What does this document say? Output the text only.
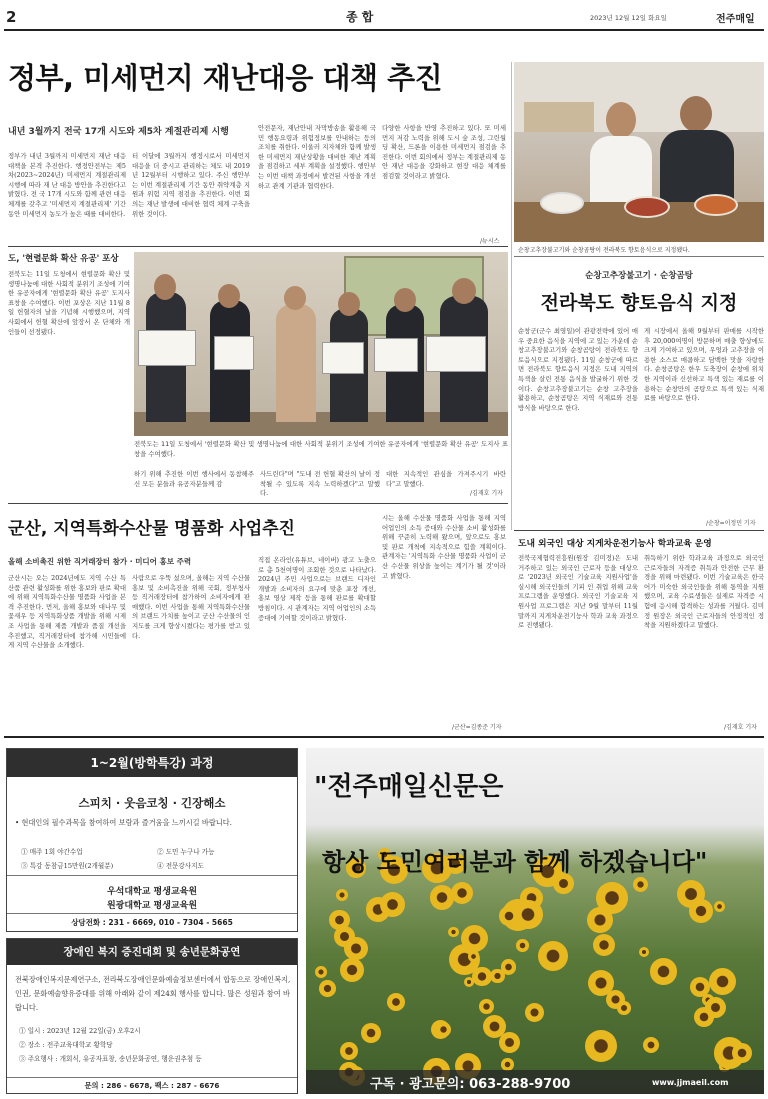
2	종 합	2023년 12월 12일 화요일	전주매일
정부, 미세먼지 재난대응 대책 추진
내년 3월까지 전국 17개 시도와 제5차 계절관리제 시행
정부가 내년 3월까지 미세먼지 재난 대응 대책을 본격 추진한다. 행정안전부는 제5차(2023∼2024년) 미세먼지 계절관리제 시행에 따라 재 난 대응 방안을 추진한다고 밝혔다. 전 국 17개 시도와 함께 관련 대응 체계를 갖추고 '미세먼지 계절관리제' 기간 동안 미세먼지 농도가 높은 때를 대비한다.
터 이달에 3월까지 행정시로서 미세먼지 대응을 더 중시고 관리하는 체도 내 2019년 12월부터 시행하고 있다. 주신 행안부는 이번 계절관리제 기간 동안 취약계층 지원과 위험 지역 점검을 추진한다. 이번 회의는 재난 발생에 대비한 협력 체계 구축을 위한 것이다.
안전문자, 재난안내 자막방송을 활용해 국민 행동요령과 위험정보를 안내하는 등의 조치를 취한다. 이울러 지자체와 함께 발생한 미세먼지 재난상황을 대비한 재난 계획을 점검하고 세부 계획을 설정했다. 행안부는 이번 대책 과정에서 발견된 사항을 개선하고 관계 기관과 협력한다.
다양한 사항을 반영 추진하고 있다. 또 미세먼지 저감 노력을 위해 도시 숲 조성, 그린월딩 확산, 드론을 이용한 미세먼지 점검을 추진한다. 이번 회의에서 정부는 계절관리제 동안 재난 대응을 강화하고 현장 대응 체계를 점검할 것이라고 밝혔다.
/뉴시스
순창고추장불고기와 순창곰탕이 전라북도 향토음식으로 지정됐다.
순창고추장불고기 · 순창곰탕
전라북도 향토음식 지정
순창군(군수 최영일)이 관광전략에 있어 매우 중요한 음식을 지역에 고 있는 가운데 순창고추장불고기와 순창곰탕이 전라북도 향토음식으로 지정됐다. 11일 순창군에 따르면 전라북도 향토음식 지정은 도내 지역의 특색을 살린 전통 음식을 발굴하기 위한 것이다. 순창고추장불고기는 순창 고추장을 활용하고, 순창곰탕은 지역 식재료와 전통 방식을 바탕으로 한다.
게 시장에서 올해 9월부터 판매를 시작한 후 20,000여명이 방문하며 매출 향상에도 크게 기여하고 있으며, 우엉과 고추장을 이용한 소스로 매콤하고 담백한 맛을 자랑한다. 순창곰탕은 한우 도축장이 순창에 위치한 지역이라 신선하고 특색 있는 재료를 이용하는 순창만의 곰탕으로 특색 있는 식재료를 바탕으로 한다.
/순창=이정민 기자
도, '현렬문화 확산 유공' 포상
전북도는 11일 도청에서 현렬문화 확산 및 생명나눔에 대한 사회적 분위기 조성에 기여한 유공자에게 '현렬문화 확산 유공' 도지사 표창을 수여했다. 이번 포상은 지난 11월 8일 헌혈자의 날을 기념해 시행했으며, 지역 사회에서 헌혈 확산에 앞장서 온 단체와 개인들이 선정됐다.
전북도는 11일 도청에서 '현렬문화 확산 및 생명나눔에 대한 사회적 분위기 조성에 기여한 유공자에게 '현렬문화 확산 유공' 도지사 표창을 수여했다.
하기 위해 추진한 이번 행사에서 동참해주신 모든 분들과 유공자분들께 감
사드린다"며 "도내 전 헌혈 확산의 날이 정착될 수 있도록 지속 노력하겠다"고 말했다.
대한 지속적인 관심을 가져주시기 바란다"고 말했다.
/김재호 기자
군산, 지역특화수산물 명품화 사업추진
올해 소비촉진 위한 직거래장터 참가 · 미디어 홍보 주력
군산시는 오는 2024년에도 지역 수산 특산품 관련 활성화를 위한 홍보와 판로 확대에 위해 지역특화수산물 명품화 사업을 본격 추진한다. 먼저, 올해 홍보와 대나무 및 꽃새우 등 지역특화상품 개발을 위해 시제조 사업을 통해 제품 개발과 품질 개선을 추진했고, 직거래장터에 참가해 시민들에게 지역 수산물을 소개했다.
사람으로 우뚝 섰으며, 올해는 지역 수산물 홍보 및 소비촉진을 위해 국회, 정부청사 등 직거래장터에 참가하여 소비자에게 판매했다. 이번 사업을 통해 지역특화수산물의 브랜드 가치를 높이고 군산 수산물의 인지도를 크게 향상시켰다는 평가를 받고 있다.
직접 온라인(유튜브, 네이버) 광고 노출으로 총 5천여명이 조회한 것으로 나타났다. 2024년 주민 사업으로는 브랜드 디자인 개발과 소비자의 요구에 맞춘 포장 개선, 홍보 영상 제작 등을 통해 판로를 확대할 방침이다. 시 관계자는 지역 어업인의 소득 증대에 기여할 것이라고 밝혔다.
시는 올해 수산물 명품화 사업을 통해 지역 어업인의 소득 증대와 수산물 소비 활성화를 위해 꾸준히 노력해 왔으며, 앞으로도 홍보 및 판로 개척에 지속적으로 힘쓸 계획이다. 관계자는 '지역특화 수산물 명품화 사업이 군산 수산물 위상을 높이는 계기가 될 것'이라고 밝혔다.
/군산=김종준 기자
도내 외국인 대상 지게차운전기능사 학과교육 운영
전북국제협력진흥원(원장 김미정)은 도내 거주하고 있는 외국인 근로자 등을 대상으로 '2023년 외국인 기술교육 지원사업'을 실시해 외국인들의 기피 인 취업 위해 교육 프로그램을 운영했다. 외국인 기술교육 지원사업 프로그램은 지난 9월 말부터 11월 말까지 지게차운전기능사 학과 교육 과정으로 진행됐다.
취득하기 위한 학과교육 과정으로 외국인 근로자들의 자격증 취득과 안전한 근무 환경을 위해 마련됐다. 이번 기술교육은 한국어가 미숙한 외국인들을 위해 통역을 지원했으며, 교육 수료생들은 실제로 자격증 시험에 응시해 합격하는 성과를 거뒀다. 김미정 원장은 외국인 근로자들의 안정적인 정착을 지원하겠다고 말했다.
/김재호 기자
1~2월(방학특강) 과정
스피치 · 웃음코칭 · 긴장해소
• 현대인의 필수과목을 참여하여 보람과 즐거움을 느끼시길 바랍니다.
① 매주 1회 야간수업	② 도민 누구나 가능
③ 특강 동참금15만원(2개월분)	④ 전문강사지도
우석대학교 평생교육원
원광대학교 평생교육원
상담전화 : 231 - 6669, 010 - 7304 - 5665
장애인 복지 증진대회 및 송년문화공연
전북장애인복지문제연구소, 전라북도장애인문화예술정보센터에서 합동으로 장애인복지, 인권, 문화예술향유증대를 위해 아래와 같이 제24회 행사를 합니다. 많은 성원과 참여 바랍니다.
① 일시 : 2023년 12월 22일(금) 오후2시
② 장소 : 전주교육대학교 황학당
③ 주요행사 : 개회식, 유공자표창, 송년문화공연, 행운권추첨 등
문의 : 286 - 6678, 팩스 : 287 - 6676
"전주매일신문은
항상 도민여러분과 함께 하겠습니다"
구독 · 광고문의: 063-288-9700	www.jjmaeil.com
